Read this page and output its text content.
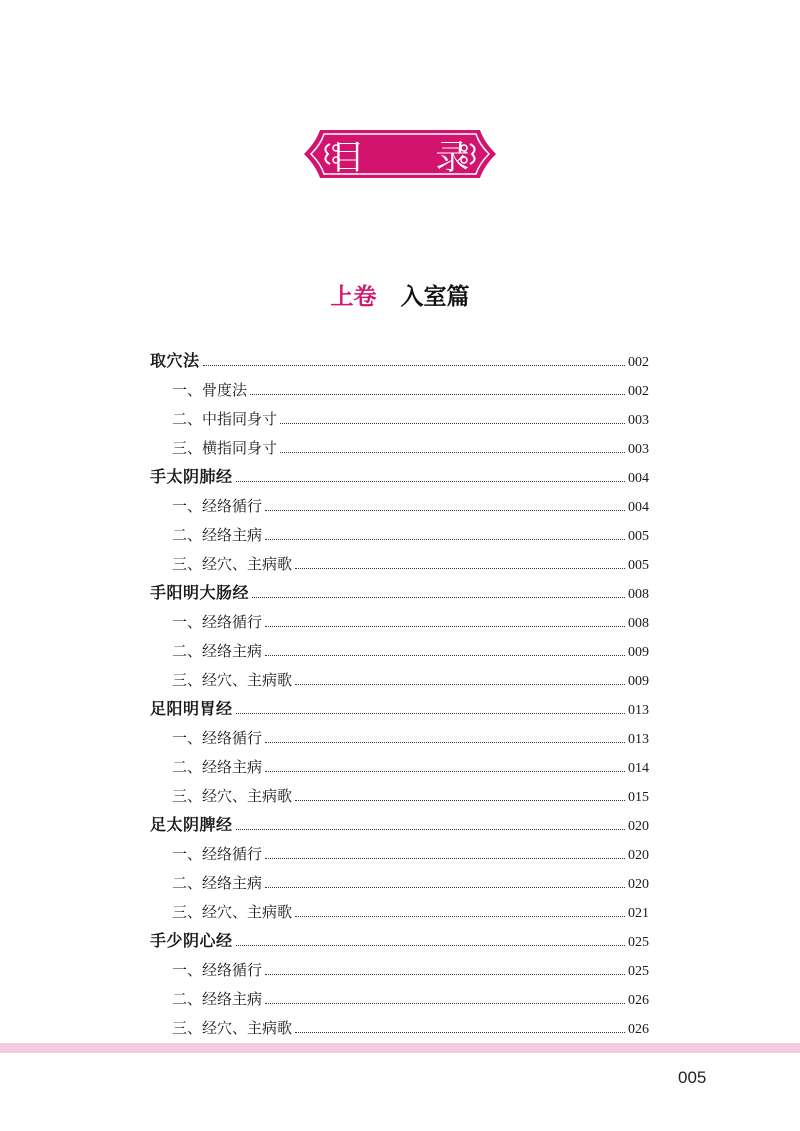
目 录
上卷 入室篇
取穴法	002
一、骨度法	002
二、中指同身寸	003
三、横指同身寸	003
手太阴肺经	004
一、经络循行	004
二、经络主病	005
三、经穴、主病歌	005
手阳明大肠经	008
一、经络循行	008
二、经络主病	009
三、经穴、主病歌	009
足阳明胃经	013
一、经络循行	013
二、经络主病	014
三、经穴、主病歌	015
足太阴脾经	020
一、经络循行	020
二、经络主病	020
三、经穴、主病歌	021
手少阴心经	025
一、经络循行	025
二、经络主病	026
三、经穴、主病歌	026
005
